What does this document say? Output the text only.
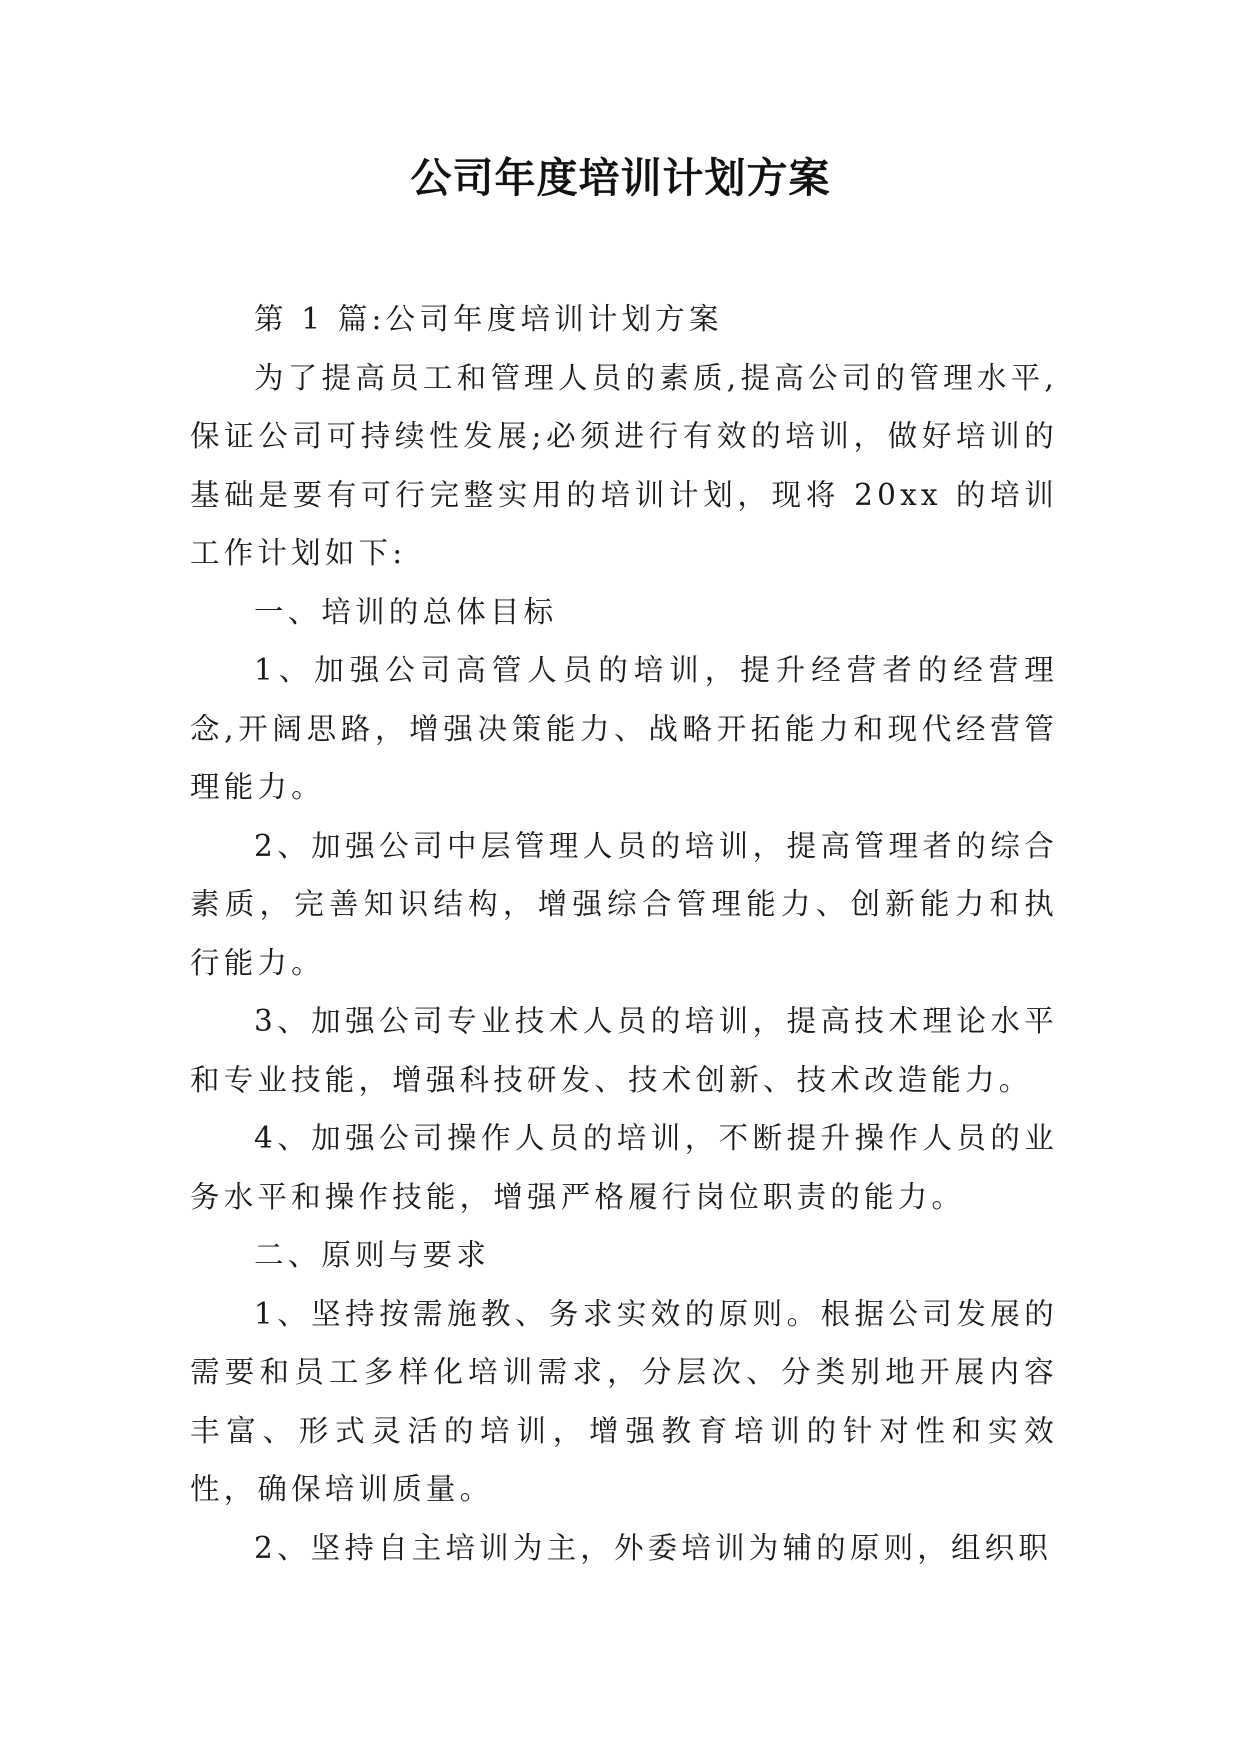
公司年度培训计划方案

第 1 篇:公司年度培训计划方案

为了提高员工和管理人员的素质,提高公司的管理水平,保证公司可持续性发展;必须进行有效的培训，做好培训的基础是要有可行完整实用的培训计划，现将 20xx 的培训工作计划如下:

一、培训的总体目标

1、加强公司高管人员的培训，提升经营者的经营理念,开阔思路，增强决策能力、战略开拓能力和现代经营管理能力。

2、加强公司中层管理人员的培训，提高管理者的综合素质，完善知识结构，增强综合管理能力、创新能力和执行能力。

3、加强公司专业技术人员的培训，提高技术理论水平和专业技能，增强科技研发、技术创新、技术改造能力。

4、加强公司操作人员的培训，不断提升操作人员的业务水平和操作技能，增强严格履行岗位职责的能力。

二、原则与要求

1、坚持按需施教、务求实效的原则。根据公司发展的需要和员工多样化培训需求，分层次、分类别地开展内容丰富、形式灵活的培训，增强教育培训的针对性和实效性，确保培训质量。

2、坚持自主培训为主，外委培训为辅的原则，组织职
